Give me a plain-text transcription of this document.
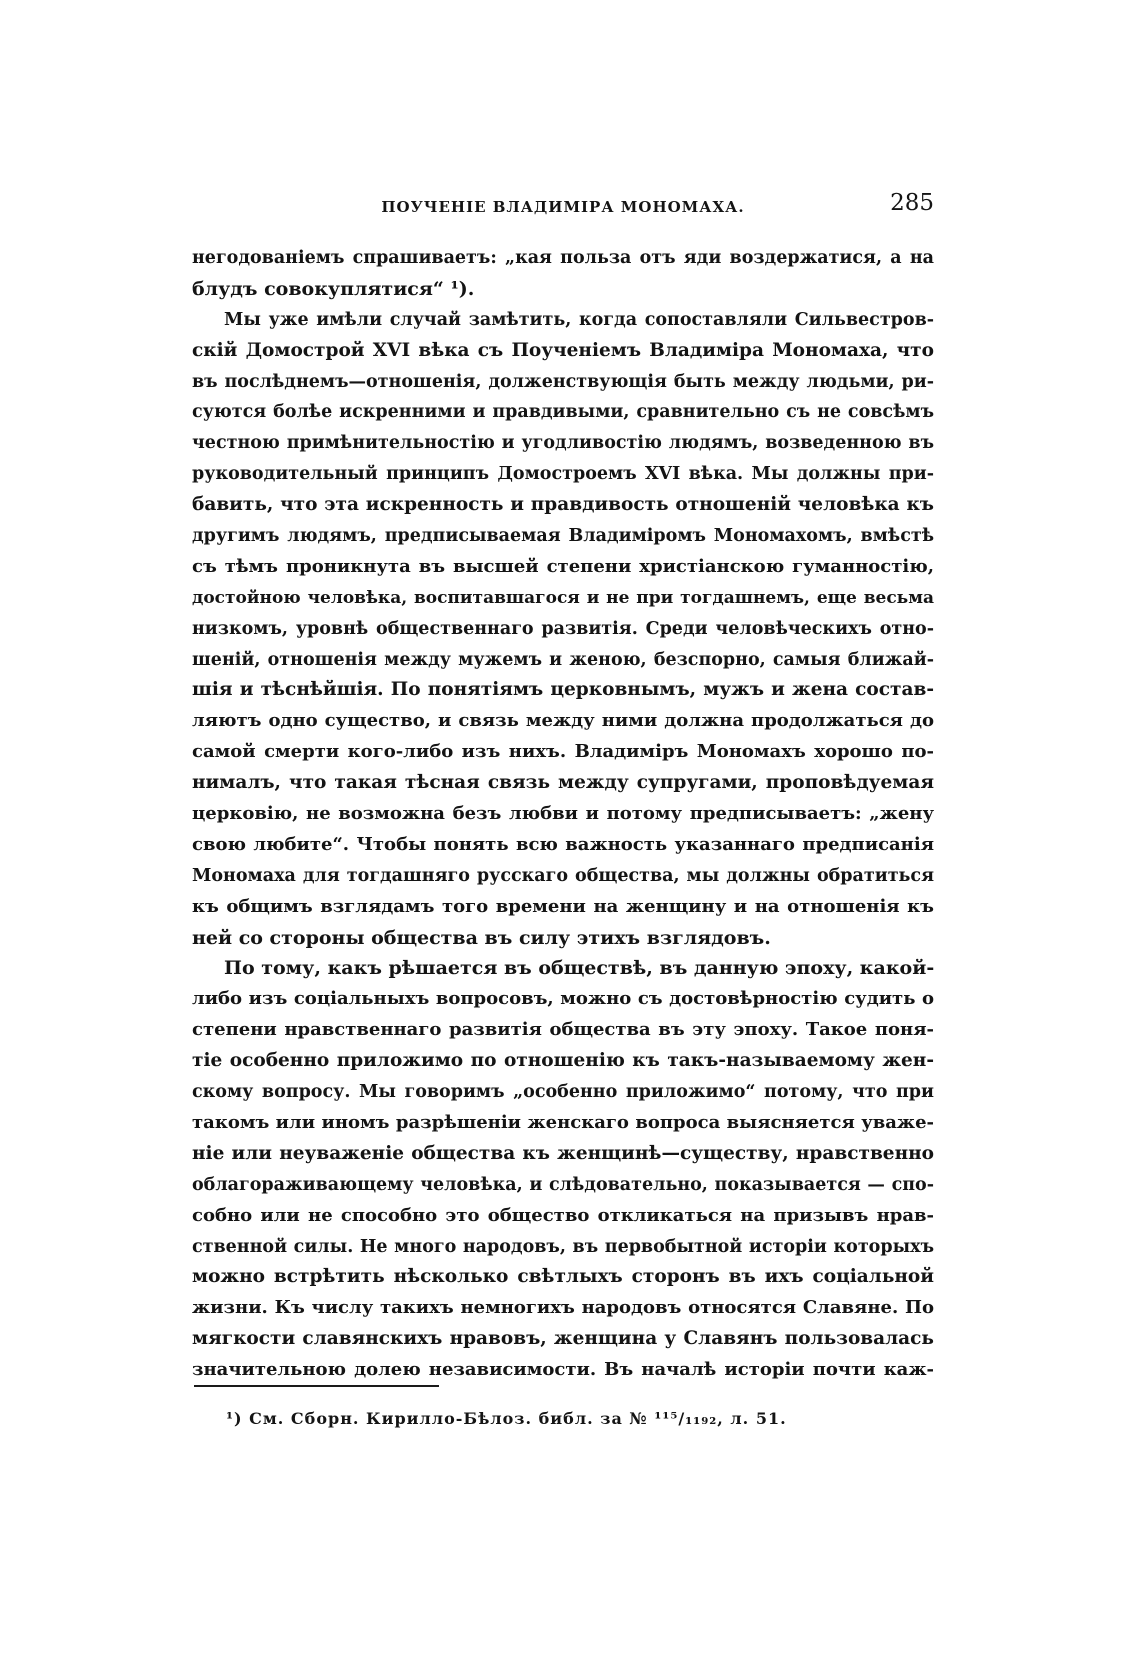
ПОУЧЕНІЕ ВЛАДИМІРА МОНОМАХА.	285
негодованіемъ спрашиваетъ: „кая польза отъ яди воздержатися, а на
блудъ совокуплятися“ ¹).
Мы уже имѣли случай замѣтить, когда сопоставляли Сильвестров-
скій Домострой XVI вѣка съ Поученіемъ Владиміра Мономаха, что
въ послѣднемъ—отношенія, долженствующія быть между людьми, ри-
суются болѣе искренними и правдивыми, сравнительно съ не совсѣмъ
честною примѣнительностію и угодливостію людямъ, возведенною въ
руководительный принципъ Домостроемъ XVI вѣка. Мы должны при-
бавить, что эта искренность и правдивость отношеній человѣка къ
другимъ людямъ, предписываемая Владиміромъ Мономахомъ, вмѣстѣ
съ тѣмъ проникнута въ высшей степени христіанскою гуманностію,
достойною человѣка, воспитавшагося и не при тогдашнемъ, еще весьма
низкомъ, уровнѣ общественнаго развитія. Среди человѣческихъ отно-
шеній, отношенія между мужемъ и женою, безспорно, самыя ближай-
шія и тѣснѣйшія. По понятіямъ церковнымъ, мужъ и жена состав-
ляютъ одно существо, и связь между ними должна продолжаться до
самой смерти кого-либо изъ нихъ. Владиміръ Мономахъ хорошо по-
нималъ, что такая тѣсная связь между супругами, проповѣдуемая
церковію, не возможна безъ любви и потому предписываетъ: „жену
свою любите“. Чтобы понять всю важность указаннаго предписанія
Мономаха для тогдашняго русскаго общества, мы должны обратиться
къ общимъ взглядамъ того времени на женщину и на отношенія къ
ней со стороны общества въ силу этихъ взглядовъ.
По тому, какъ рѣшается въ обществѣ, въ данную эпоху, какой-
либо изъ соціальныхъ вопросовъ, можно съ достовѣрностію судить о
степени нравственнаго развитія общества въ эту эпоху. Такое поня-
тіе особенно приложимо по отношенію къ такъ-называемому жен-
скому вопросу. Мы говоримъ „особенно приложимо“ потому, что при
такомъ или иномъ разрѣшеніи женскаго вопроса выясняется уваже-
ніе или неуваженіе общества къ женщинѣ—существу, нравственно
облагораживающему человѣка, и слѣдовательно, показывается — спо-
собно или не способно это общество откликаться на призывъ нрав-
ственной силы. Не много народовъ, въ первобытной исторіи которыхъ
можно встрѣтить нѣсколько свѣтлыхъ сторонъ въ ихъ соціальной
жизни. Къ числу такихъ немногихъ народовъ относятся Славяне. По
мягкости славянскихъ нравовъ, женщина у Славянъ пользовалась
значительною долею независимости. Въ началѣ исторіи почти каж-
¹) См. Сборн. Кирилло-Бѣлоз. библ. за № ¹¹⁵/₁₁₉₂, л. 51.
